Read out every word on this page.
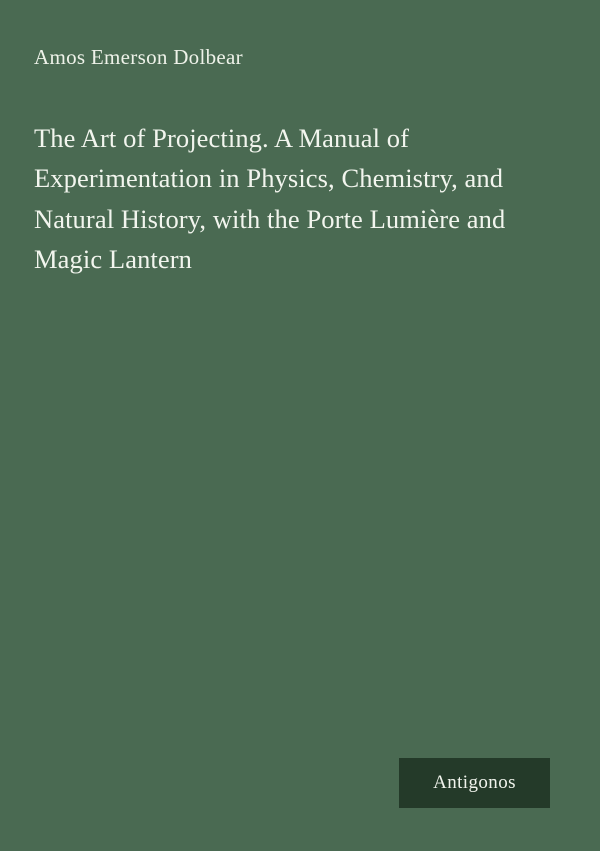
Amos Emerson Dolbear
The Art of Projecting. A Manual of Experimentation in Physics, Chemistry, and Natural History, with the Porte Lumière and Magic Lantern
Antigonos
